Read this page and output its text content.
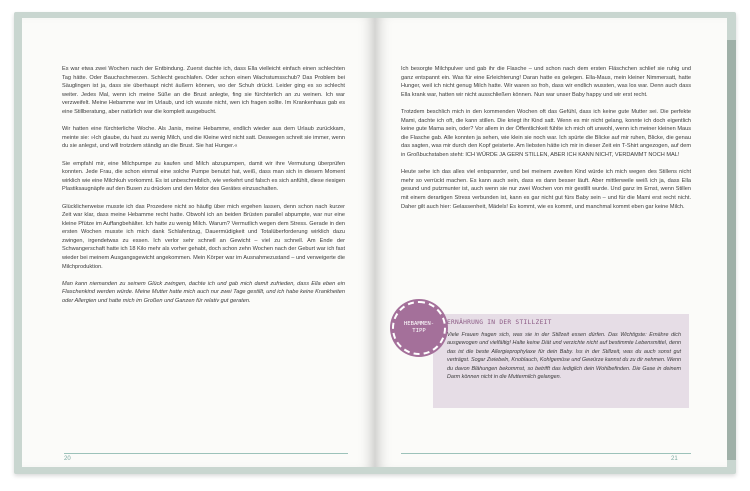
Es war etwa zwei Wochen nach der Entbindung. Zuerst dachte ich, dass Ella vielleicht einfach einen schlechten Tag hätte. Oder Bauchschmerzen. Schlecht geschlafen. Oder schon einen Wachstumsschub? Das Problem bei Säuglingen ist ja, dass sie überhaupt nicht äußern können, wo der Schuh drückt. Leider ging es so schlecht weiter. Jedes Mal, wenn ich meine Süße an die Brust anlegte, fing sie fürchterlich an zu weinen. Ich war verzweifelt. Meine Hebamme war im Urlaub, und ich wusste nicht, wen ich fragen sollte. Im Krankenhaus gab es eine Stillberatung, aber natürlich war die komplett ausgebucht.

Wir hatten eine fürchterliche Woche. Als Janis, meine Hebamme, endlich wieder aus dem Urlaub zurückkam, meinte sie: »Ich glaube, du hast zu wenig Milch, und die Kleine wird nicht satt. Deswegen schreit sie immer, wenn du sie anlegst, und will trotzdem ständig an die Brust. Sie hat Hunger.«

Sie empfahl mir, eine Milchpumpe zu kaufen und Milch abzupumpen, damit wir ihre Vermutung überprüfen konnten. Jede Frau, die schon einmal eine solche Pumpe benutzt hat, weiß, dass man sich in diesem Moment wirklich wie eine Milchkuh vorkommt. Es ist unbeschreiblich, wie verkehrt und falsch es sich anfühlt, diese riesigen Plastiksaugnäpfe auf den Busen zu drücken und den Motor des Gerätes einzuschalten.

Glücklicherweise musste ich das Prozedere nicht so häufig über mich ergehen lassen, denn schon nach kurzer Zeit war klar, dass meine Hebamme recht hatte. Obwohl ich an beiden Brüsten parallel abpumpte, war nur eine kleine Pfütze im Auffangbehälter. Ich hatte zu wenig Milch. Warum? Vermutlich wegen dem Stress. Gerade in den ersten Wochen musste ich mich dank Schlafentzug, Dauermüdigkeit und Totalüberforderung wirklich dazu zwingen, irgendetwas zu essen. Ich verlor sehr schnell an Gewicht – viel zu schnell. Am Ende der Schwangerschaft hatte ich 18 Kilo mehr als vorher gehabt, doch schon zehn Wochen nach der Geburt war ich fast wieder bei meinem Ausgangsgewicht angekommen. Mein Körper war im Ausnahmezustand – und verweigerte die Milchproduktion.

Man kann niemanden zu seinem Glück zwingen, dachte ich und gab mich damit zufrieden, dass Ella eben ein Flaschenkind werden würde. Meine Mutter hatte mich auch nur zwei Tage gestillt, und ich habe keine Krankheiten oder Allergien und hatte mich im Großen und Ganzen für relativ gut geraten.

20

Ich besorgte Milchpulver und gab ihr die Flasche – und schon nach dem ersten Fläschchen schlief sie ruhig und ganz entspannt ein. Was für eine Erleichterung! Daran hatte es gelegen. Ella-Maus, mein kleiner Nimmersatt, hatte Hunger, weil ich nicht genug Milch hatte. Wir waren so froh, dass wir endlich wussten, was los war. Denn auch dass Ella krank war, hatten wir nicht ausschließen können. Nun war unser Baby happy und wir erst recht.

Trotzdem beschlich mich in den kommenden Wochen oft das Gefühl, dass ich keine gute Mutter sei. Die perfekte Mami, dachte ich oft, die kann stillen. Die kriegt ihr Kind satt. Wenn es mir nicht gelang, konnte ich doch eigentlich keine gute Mama sein, oder? Vor allem in der Öffentlichkeit fühlte ich mich oft unwohl, wenn ich meiner kleinen Maus die Flasche gab. Alle konnten ja sehen, wie klein sie noch war. Ich spürte die Blicke auf mir ruhen, Blicke, die genau das sagten, was mir durch den Kopf geisterte. Am liebsten hätte ich mir in dieser Zeit ein T-Shirt angezogen, auf dem in Großbuchstaben steht: ICH WÜRDE JA GERN STILLEN, ABER ICH KANN NICHT, VERDAMMT NOCH MAL!

Heute sehe ich das alles viel entspannter, und bei meinem zweiten Kind würde ich mich wegen des Stillens nicht mehr so verrückt machen. Es kann auch sein, dass es dann besser läuft. Aber mittlerweile weiß ich ja, dass Ella gesund und putzmunter ist, auch wenn sie nur zwei Wochen von mir gestillt wurde. Und ganz im Ernst, wenn Stillen mit einem derartigen Stress verbunden ist, kann es gar nicht gut fürs Baby sein – und für die Mami erst recht nicht. Daher gilt auch hier: Gelassenheit, Mädels! Es kommt, wie es kommt, und manchmal kommt eben gar keine Milch.

ERNÄHRUNG IN DER STILLZEIT
Viele Frauen fragen sich, was sie in der Stillzeit essen dürfen. Das Wichtigste: Ernähre dich ausgewogen und vielfältig! Halte keine Diät und verzichte nicht auf bestimmte Lebensmittel, denn das ist die beste Allergieprophylaxe für dein Baby. Iss in der Stillzeit, was du auch sonst gut verträgst. Sogar Zwiebeln, Knoblauch, Kohlgemüse und Gewürze kannst du zu dir nehmen. Wenn du davon Blähungen bekommst, so betrifft das lediglich dein Wohlbefinden. Die Gase in deinem Darm können nicht in die Muttermilch gelangen.
HEBAMMEN-
TIPP
21
